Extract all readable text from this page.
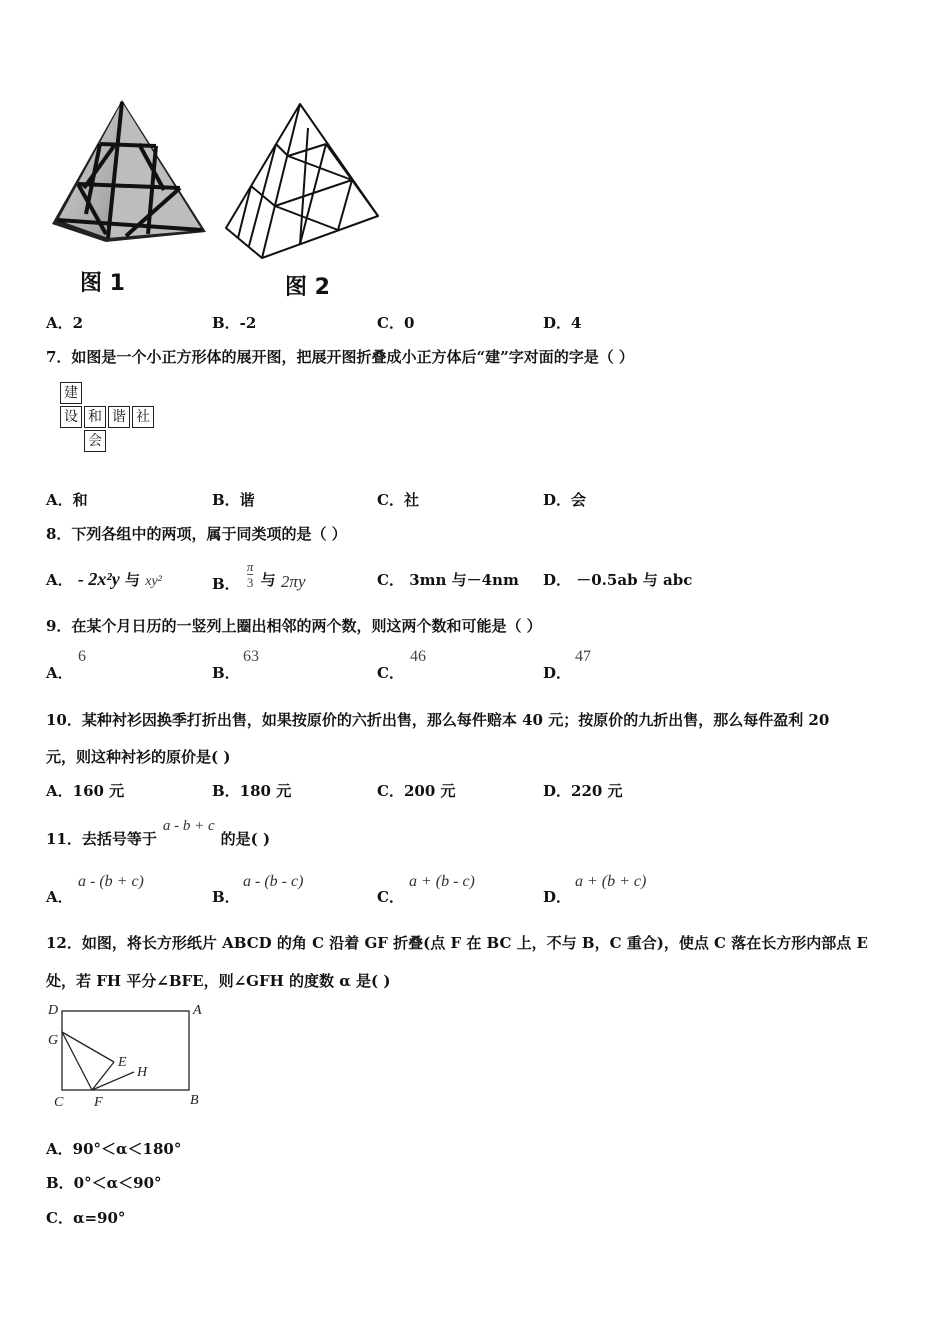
图 1	图 2
A．2	B．-2	C．0	D．4
7．如图是一个小正方形体的展开图，把展开图折叠成小正方体后“建”字对面的字是（ ）
建
设 和 谐 社
会
A．和	B．谐	C．社	D．会
8．下列各组中的两项，属于同类项的是（ ）
A． - 2x²y 与 xy²	B． $\frac{\pi}{3}$ 与 2πy	C． 3mn 与－4nm D． －0.5ab 与 abc
9．在某个月日历的一竖列上圈出相邻的两个数，则这两个数和可能是（ ）
A．
6
B．
63
C．
46
D．
47
10．某种衬衫因换季打折出售，如果按原价的六折出售，那么每件赔本 40 元；按原价的九折出售，那么每件盈利 20
元，则这种衬衫的原价是( )
A．160 元	B．180 元	C．200 元	D．220 元
11．去括号等于a - b + c的是( )
A．
a - (b + c)
B．
a - (b - c)
C．
a + (b - c)
D．
a + (b + c)
12．如图，将长方形纸片 ABCD 的角 C 沿着 GF 折叠(点 F 在 BC 上，不与 B，C 重合)，使点 C 落在长方形内部点 E
处，若 FH 平分∠BFE，则∠GFH 的度数 α 是( )
D	A
G
E
H
C F	B
A．90°＜α＜180°
B．0°＜α＜90°
C．α=90°
